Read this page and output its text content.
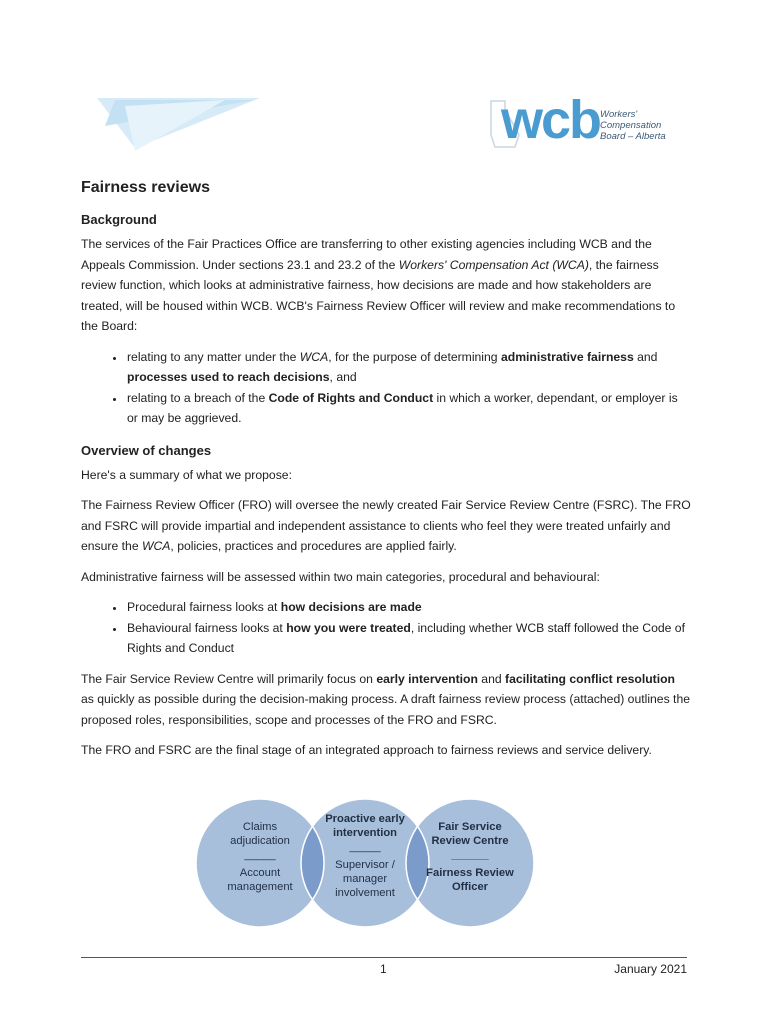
wcb Workers'
Compensation
Board – Alberta
Fairness reviews
Background

The services of the Fair Practices Office are transferring to other existing agencies including WCB and the Appeals Commission. Under sections 23.1 and 23.2 of the Workers' Compensation Act (WCA), the fairness review function, which looks at administrative fairness, how decisions are made and how stakeholders are treated, will be housed within WCB. WCB's Fairness Review Officer will review and make recommendations to the Board:

• relating to any matter under the WCA, for the purpose of determining administrative fairness and processes used to reach decisions, and
• relating to a breach of the Code of Rights and Conduct in which a worker, dependant, or employer is or may be aggrieved.
Overview of changes

Here's a summary of what we propose:

The Fairness Review Officer (FRO) will oversee the newly created Fair Service Review Centre (FSRC). The FRO and FSRC will provide impartial and independent assistance to clients who feel they were treated unfairly and ensure the WCA, policies, practices and procedures are applied fairly.

Administrative fairness will be assessed within two main categories, procedural and behavioural:

• Procedural fairness looks at how decisions are made
• Behavioural fairness looks at how you were treated, including whether WCB staff followed the Code of Rights and Conduct

The Fair Service Review Centre will primarily focus on early intervention and facilitating conflict resolution as quickly as possible during the decision-making process. A draft fairness review process (attached) outlines the proposed roles, responsibilities, scope and processes of the FRO and FSRC.

The FRO and FSRC are the final stage of an integrated approach to fairness reviews and service delivery.

Claims adjudication
_____
Account management
Proactive early intervention
_____
Supervisor / manager involvement
Fair Service Review Centre
______
Fairness Review Officer
1	January 2021
